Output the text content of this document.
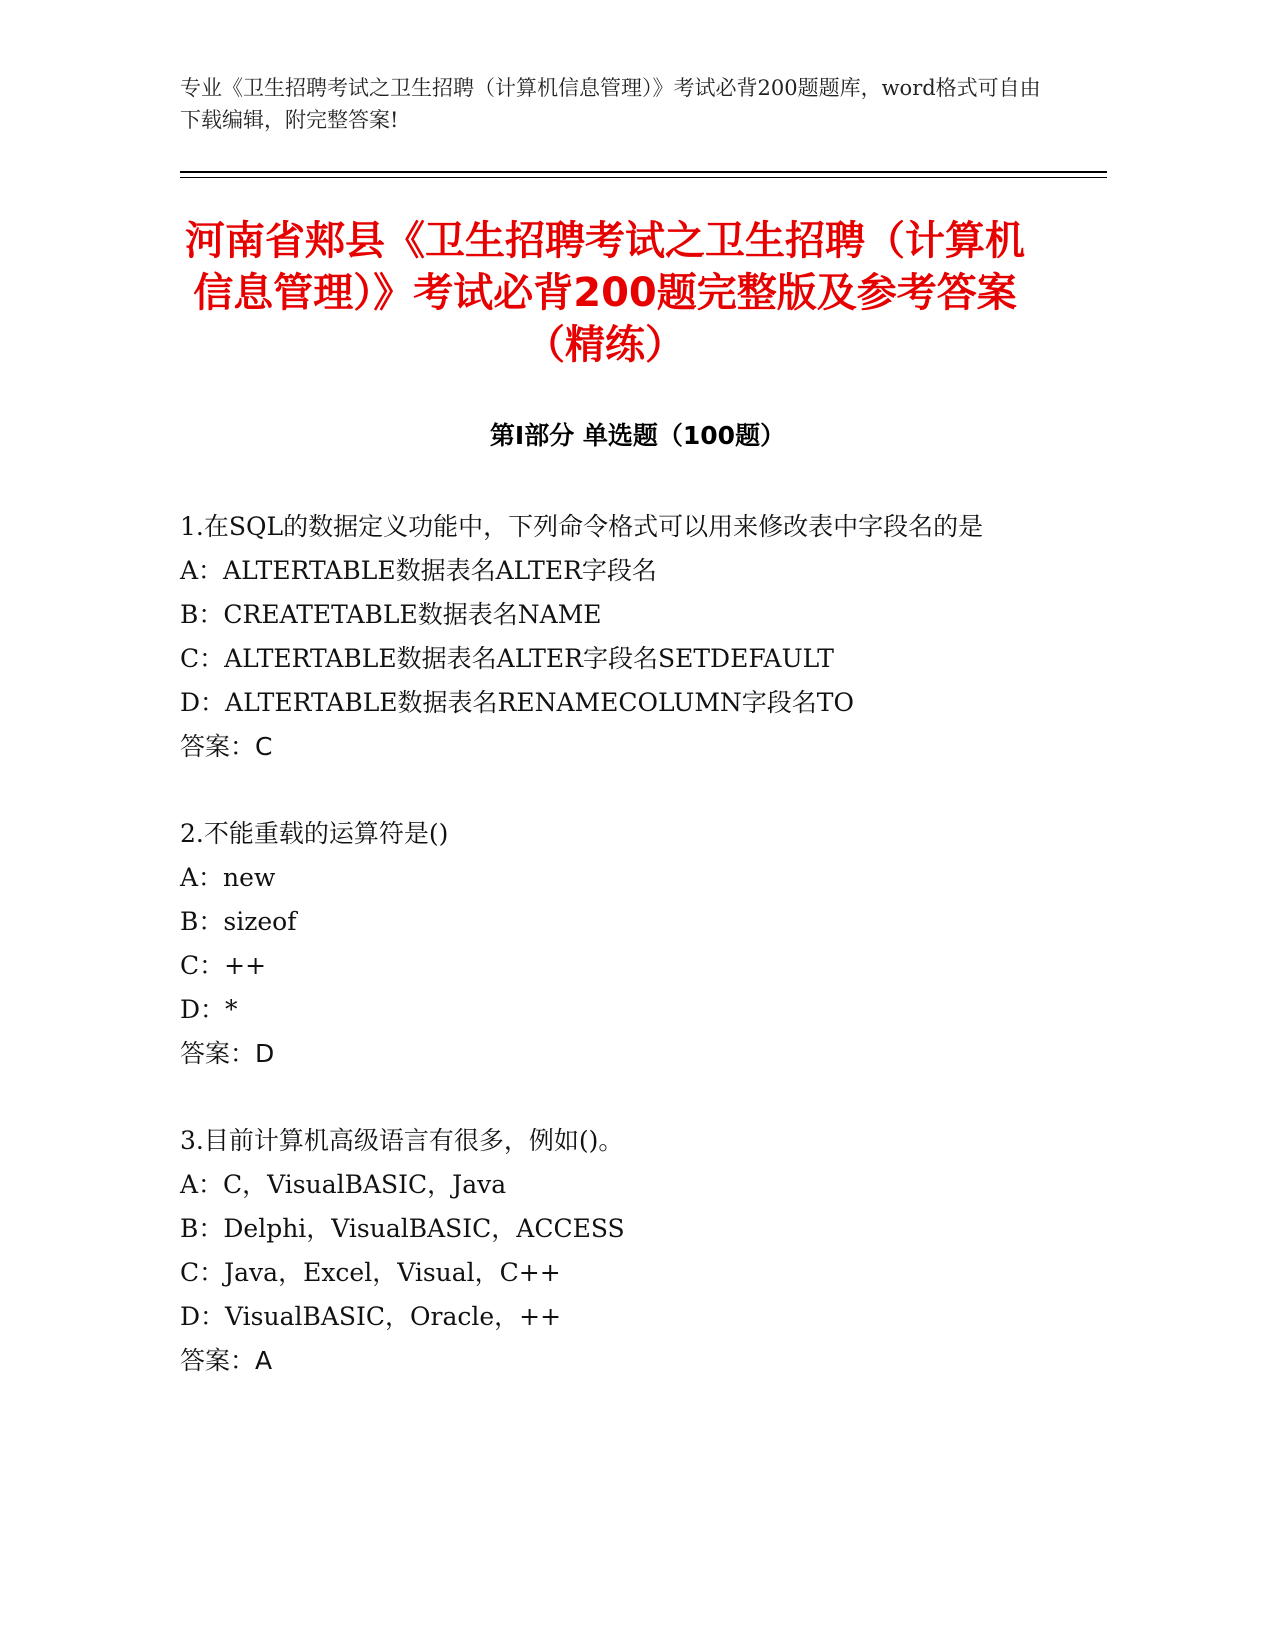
专业《卫生招聘考试之卫生招聘（计算机信息管理）》考试必背200题题库，word格式可自由下载编辑，附完整答案!
河南省郏县《卫生招聘考试之卫生招聘（计算机信息管理）》考试必背200题完整版及参考答案（精练）
第Ⅰ部分 单选题（100题）
1.在SQL的数据定义功能中，下列命令格式可以用来修改表中字段名的是
A：ALTERTABLE数据表名ALTER字段名
B：CREATETABLE数据表名NAME
C：ALTERTABLE数据表名ALTER字段名SETDEFAULT
D：ALTERTABLE数据表名RENAMECOLUMN字段名TO
答案：C
2.不能重载的运算符是()
A：new
B：sizeof
C：++
D：*
答案：D
3.目前计算机高级语言有很多，例如()。
A：C，VisualBASIC，Java
B：Delphi，VisualBASIC，ACCESS
C：Java，Excel，Visual，C++
D：VisualBASIC，Oracle，++
答案：A
